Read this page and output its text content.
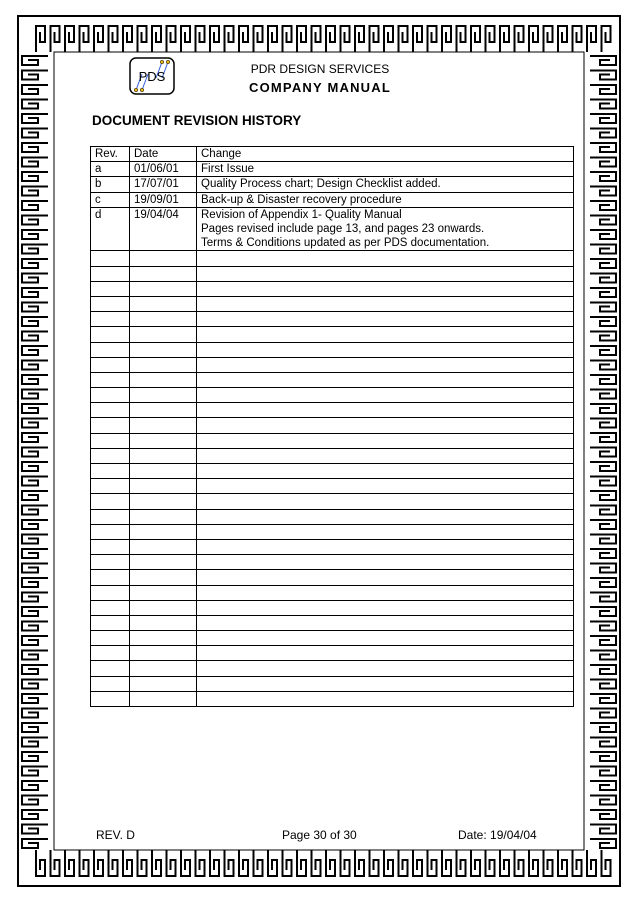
PDS	PDR DESIGN SERVICES
COMPANY MANUAL
DOCUMENT REVISION HISTORY
Rev.	Date	Change
a	01/06/01	First Issue

b	17/07/01	Quality Process chart; Design Checklist added.

c	19/09/01	Back-up & Disaster recovery procedure

d	19/04/04	Revision of Appendix 1- Quality Manual
Pages revised include page 13, and pages 23 onwards.
Terms & Conditions updated as per PDS documentation.

REV. D	Page 30 of 30	Date: 19/04/04
